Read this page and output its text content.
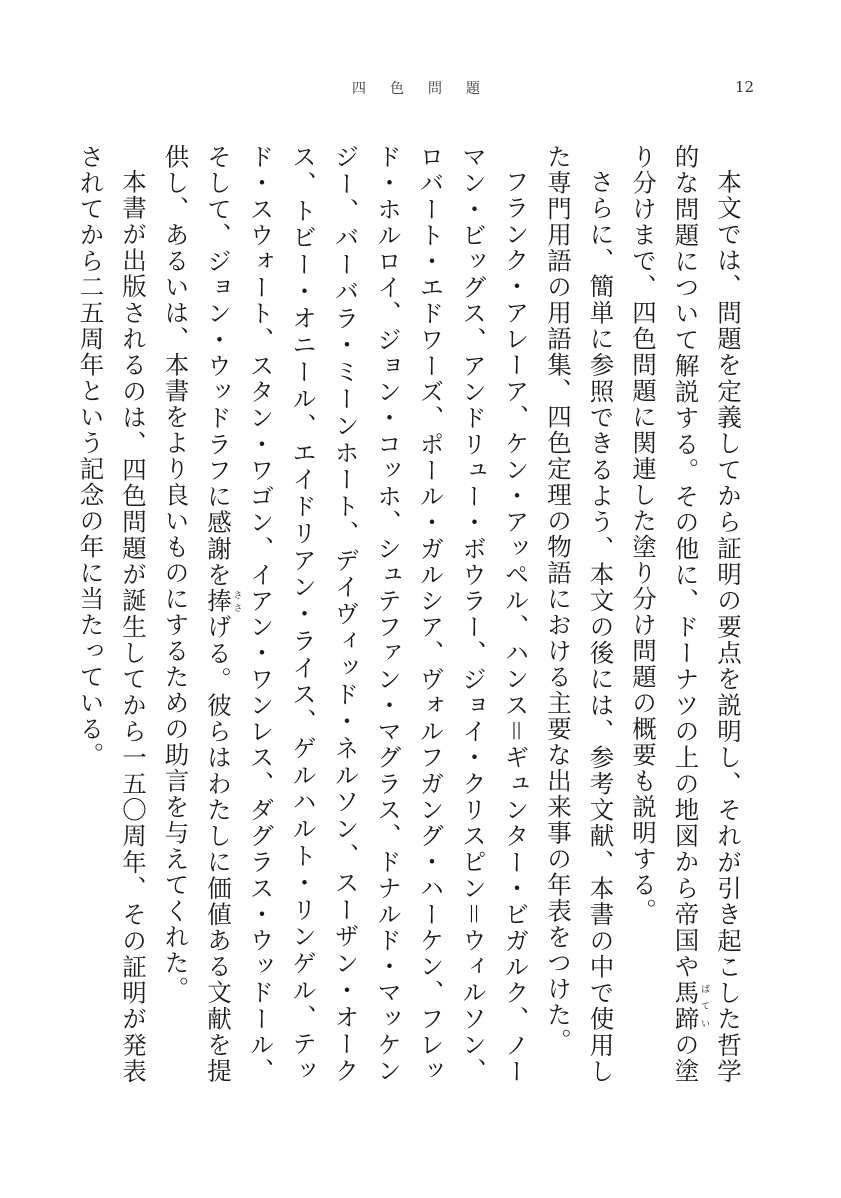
四色問題	12

本文では、問題を定義してから証明の要点を説明し、それが引き起こした哲学的な問題について解説する。その他に、ドーナツの上の地図から帝国や馬蹄ばていの塗り分けまで、四色問題に関連した塗り分け問題の概要も説明する。

さらに、簡単に参照できるよう、本文の後には、参考文献、本書の中で使用した専門用語の用語集、四色定理の物語における主要な出来事の年表をつけた。

フランク・アレーア、ケン・アッペル、ハンス＝ギュンター・ビガルク、ノーマン・ビッグス、アンドリュー・ボウラー、ジョイ・クリスピン＝ウィルソン、ロバート・エドワーズ、ポール・ガルシア、ヴォルフガング・ハーケン、フレッド・ホルロイ、ジョン・コッホ、シュテファン・マグラス、ドナルド・マッケンジー、バーバラ・ミーンホート、デイヴィッド・ネルソン、スーザン・オークス、トビー・オニール、エイドリアン・ライス、ゲルハルト・リンゲル、テッド・スウォート、スタン・ワゴン、イアン・ワンレス、ダグラス・ウッドール、そして、ジョン・ウッドラフに感謝を捧ささげる。彼らはわたしに価値ある文献を提供し、あるいは、本書をより良いものにするための助言を与えてくれた。

本書が出版されるのは、四色問題が誕生してから一五〇周年、その証明が発表されてから二五周年という記念の年に当たっている。
